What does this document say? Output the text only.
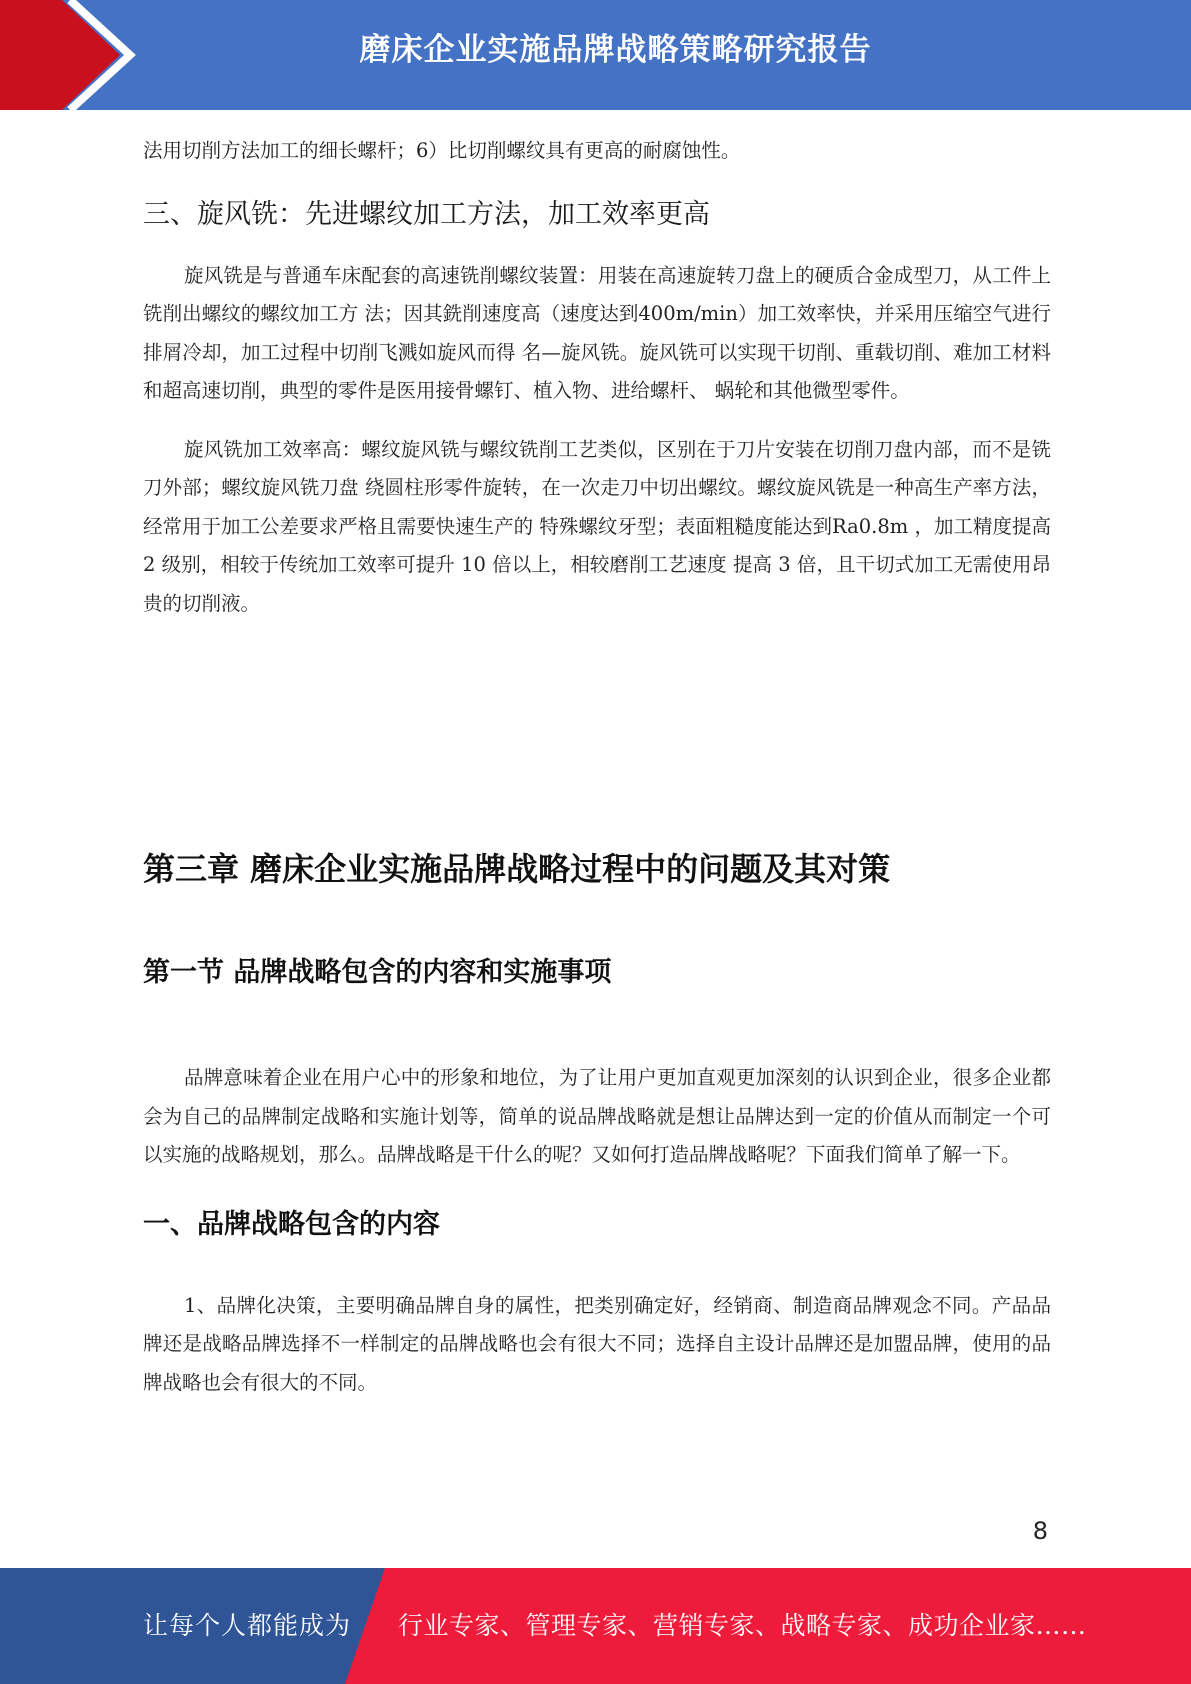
磨床企业实施品牌战略策略研究报告

法用切削方法加工的细长螺杆；6）比切削螺纹具有更高的耐腐蚀性。

三、旋风铣：先进螺纹加工方法，加工效率更高

旋风铣是与普通车床配套的高速铣削螺纹装置：用装在高速旋转刀盘上的硬质合金成型刀，从工件上铣削出螺纹的螺纹加工方 法；因其銑削速度高（速度达到400m/min）加工效率快，并采用压缩空气进行排屑冷却，加工过程中切削飞溅如旋风而得 名—旋风铣。旋风铣可以实现干切削、重载切削、难加工材料和超高速切削，典型的零件是医用接骨螺钉、植入物、进给螺杆、 蜗轮和其他微型零件。

旋风铣加工效率高：螺纹旋风铣与螺纹铣削工艺类似，区别在于刀片安装在切削刀盘内部，而不是铣刀外部；螺纹旋风铣刀盘 绕圆柱形零件旋转，在一次走刀中切出螺纹。螺纹旋风铣是一种高生产率方法，经常用于加工公差要求严格且需要快速生产的 特殊螺纹牙型；表面粗糙度能达到Ra0.8m ，加工精度提高 2 级别，相较于传统加工效率可提升 10 倍以上，相较磨削工艺速度 提高 3 倍，且干切式加工无需使用昂贵的切削液。

第三章 磨床企业实施品牌战略过程中的问题及其对策
第一节 品牌战略包含的内容和实施事项

品牌意味着企业在用户心中的形象和地位，为了让用户更加直观更加深刻的认识到企业，很多企业都会为自己的品牌制定战略和实施计划等，简单的说品牌战略就是想让品牌达到一定的价值从而制定一个可以实施的战略规划，那么。品牌战略是干什么的呢？又如何打造品牌战略呢？下面我们简单了解一下。

一、品牌战略包含的内容

1、品牌化决策，主要明确品牌自身的属性，把类别确定好，经销商、制造商品牌观念不同。产品品牌还是战略品牌选择不一样制定的品牌战略也会有很大不同；选择自主设计品牌还是加盟品牌，使用的品牌战略也会有很大的不同。

8
让每个人都能成为 行业专家、管理专家、营销专家、战略专家、成功企业家……
